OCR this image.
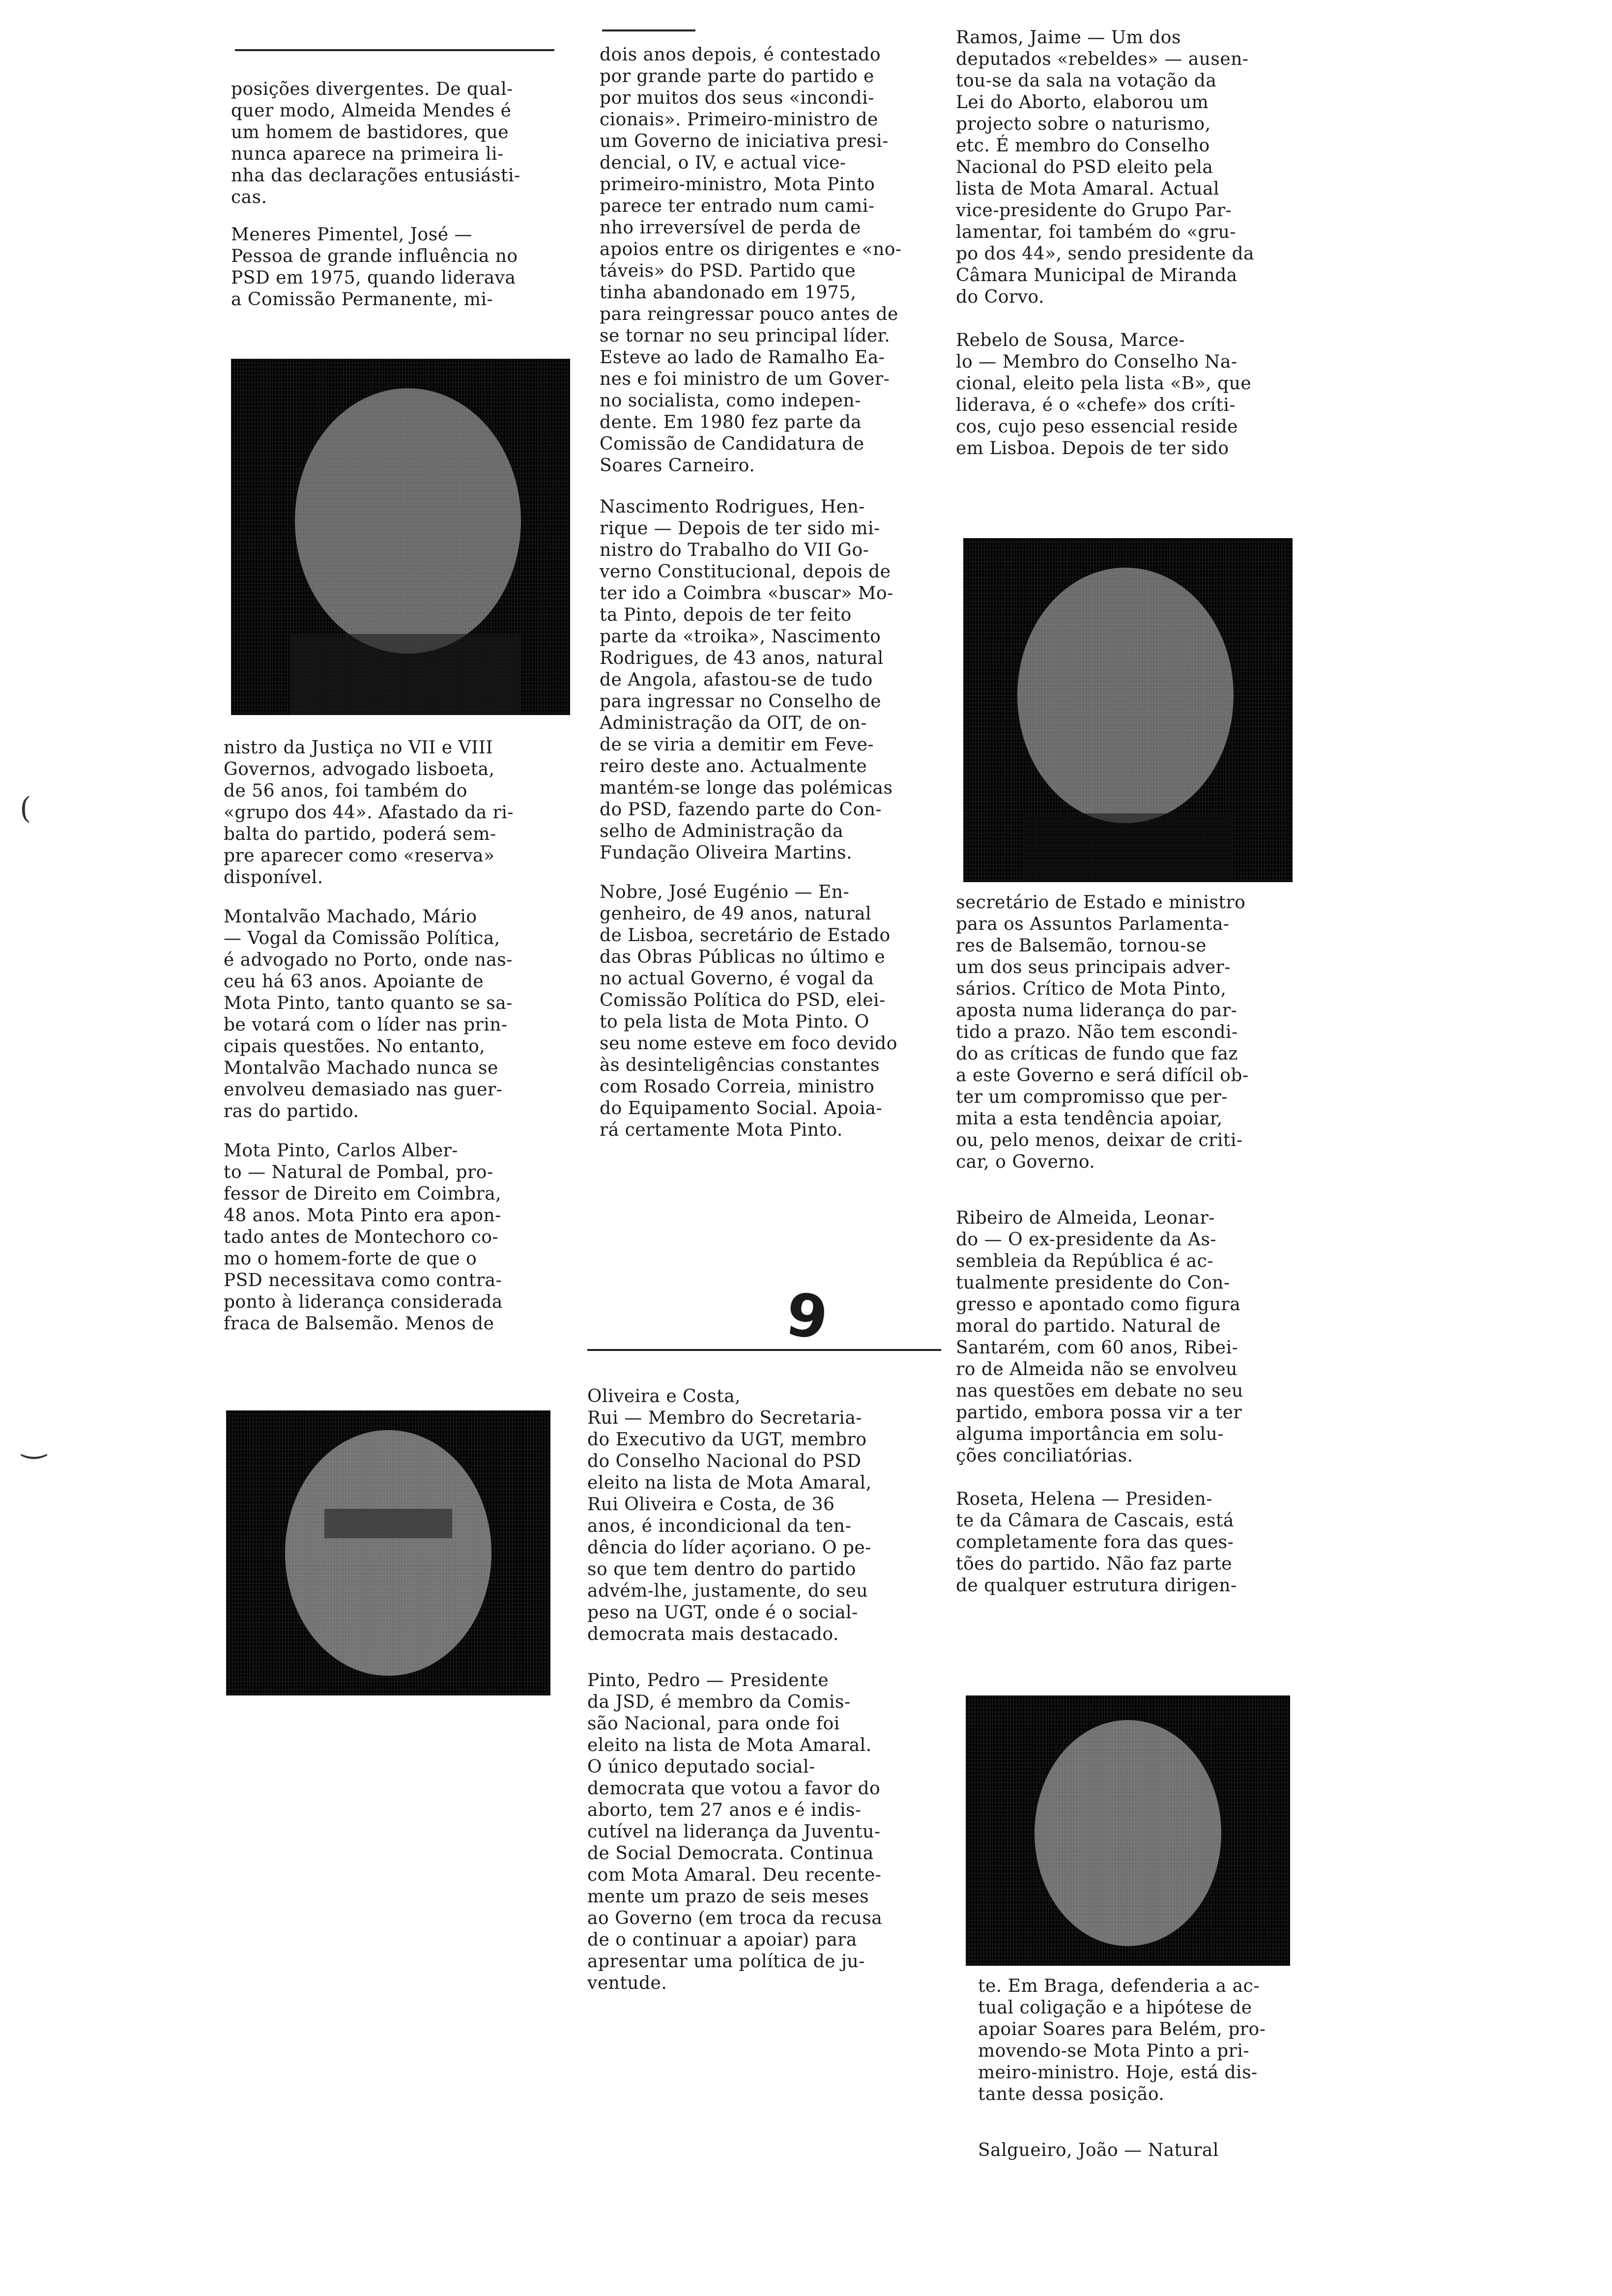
posições divergentes. De qual-
quer modo, Almeida Mendes é
um homem de bastidores, que
nunca aparece na primeira li-
nha das declarações entusiásti-
cas.

Meneres Pimentel, José —
Pessoa de grande influência no
PSD em 1975, quando liderava
a Comissão Permanente, mi-

nistro da Justiça no VII e VIII
Governos, advogado lisboeta,
de 56 anos, foi também do
«grupo dos 44». Afastado da ri-
balta do partido, poderá sem-
pre aparecer como «reserva»
disponível.

Montalvão Machado, Mário
— Vogal da Comissão Política,
é advogado no Porto, onde nas-
ceu há 63 anos. Apoiante de
Mota Pinto, tanto quanto se sa-
be votará com o líder nas prin-
cipais questões. No entanto,
Montalvão Machado nunca se
envolveu demasiado nas guer-
ras do partido.

Mota Pinto, Carlos Alber-
to — Natural de Pombal, pro-
fessor de Direito em Coimbra,
48 anos. Mota Pinto era apon-
tado antes de Montechoro co-
mo o homem-forte de que o
PSD necessitava como contra-
ponto à liderança considerada
fraca de Balsemão. Menos de

dois anos depois, é contestado
por grande parte do partido e
por muitos dos seus «incondi-
cionais». Primeiro-ministro de
um Governo de iniciativa presi-
dencial, o IV, e actual vice-
primeiro-ministro, Mota Pinto
parece ter entrado num cami-
nho irreversível de perda de
apoios entre os dirigentes e «no-
táveis» do PSD. Partido que
tinha abandonado em 1975,
para reingressar pouco antes de
se tornar no seu principal líder.
Esteve ao lado de Ramalho Ea-
nes e foi ministro de um Gover-
no socialista, como indepen-
dente. Em 1980 fez parte da
Comissão de Candidatura de
Soares Carneiro.

Nascimento Rodrigues, Hen-
rique — Depois de ter sido mi-
nistro do Trabalho do VII Go-
verno Constitucional, depois de
ter ido a Coimbra «buscar» Mo-
ta Pinto, depois de ter feito
parte da «troika», Nascimento
Rodrigues, de 43 anos, natural
de Angola, afastou-se de tudo
para ingressar no Conselho de
Administração da OIT, de on-
de se viria a demitir em Feve-
reiro deste ano. Actualmente
mantém-se longe das polémicas
do PSD, fazendo parte do Con-
selho de Administração da
Fundação Oliveira Martins.

Nobre, José Eugénio — En-
genheiro, de 49 anos, natural
de Lisboa, secretário de Estado
das Obras Públicas no último e
no actual Governo, é vogal da
Comissão Política do PSD, elei-
to pela lista de Mota Pinto. O
seu nome esteve em foco devido
às desinteligências constantes
com Rosado Correia, ministro
do Equipamento Social. Apoia-
rá certamente Mota Pinto.

9

Oliveira e Costa,
Rui — Membro do Secretaria-
do Executivo da UGT, membro
do Conselho Nacional do PSD
eleito na lista de Mota Amaral,
Rui Oliveira e Costa, de 36
anos, é incondicional da ten-
dência do líder açoriano. O pe-
so que tem dentro do partido
advém-lhe, justamente, do seu
peso na UGT, onde é o social-
democrata mais destacado.

Pinto, Pedro — Presidente
da JSD, é membro da Comis-
são Nacional, para onde foi
eleito na lista de Mota Amaral.
O único deputado social-
democrata que votou a favor do
aborto, tem 27 anos e é indis-
cutível na liderança da Juventu-
de Social Democrata. Continua
com Mota Amaral. Deu recente-
mente um prazo de seis meses
ao Governo (em troca da recusa
de o continuar a apoiar) para
apresentar uma política de ju-
ventude.

Ramos, Jaime — Um dos
deputados «rebeldes» — ausen-
tou-se da sala na votação da
Lei do Aborto, elaborou um
projecto sobre o naturismo,
etc. É membro do Conselho
Nacional do PSD eleito pela
lista de Mota Amaral. Actual
vice-presidente do Grupo Par-
lamentar, foi também do «gru-
po dos 44», sendo presidente da
Câmara Municipal de Miranda
do Corvo.

Rebelo de Sousa, Marce-
lo — Membro do Conselho Na-
cional, eleito pela lista «B», que
liderava, é o «chefe» dos críti-
cos, cujo peso essencial reside
em Lisboa. Depois de ter sido

secretário de Estado e ministro
para os Assuntos Parlamenta-
res de Balsemão, tornou-se
um dos seus principais adver-
sários. Crítico de Mota Pinto,
aposta numa liderança do par-
tido a prazo. Não tem escondi-
do as críticas de fundo que faz
a este Governo e será difícil ob-
ter um compromisso que per-
mita a esta tendência apoiar,
ou, pelo menos, deixar de criti-
car, o Governo.

Ribeiro de Almeida, Leonar-
do — O ex-presidente da As-
sembleia da República é ac-
tualmente presidente do Con-
gresso e apontado como figura
moral do partido. Natural de
Santarém, com 60 anos, Ribei-
ro de Almeida não se envolveu
nas questões em debate no seu
partido, embora possa vir a ter
alguma importância em solu-
ções conciliatórias.

Roseta, Helena — Presiden-
te da Câmara de Cascais, está
completamente fora das ques-
tões do partido. Não faz parte
de qualquer estrutura dirigen-

te. Em Braga, defenderia a ac-
tual coligação e a hipótese de
apoiar Soares para Belém, pro-
movendo-se Mota Pinto a pri-
meiro-ministro. Hoje, está dis-
tante dessa posição.

Salgueiro, João — Natural

(
‿
